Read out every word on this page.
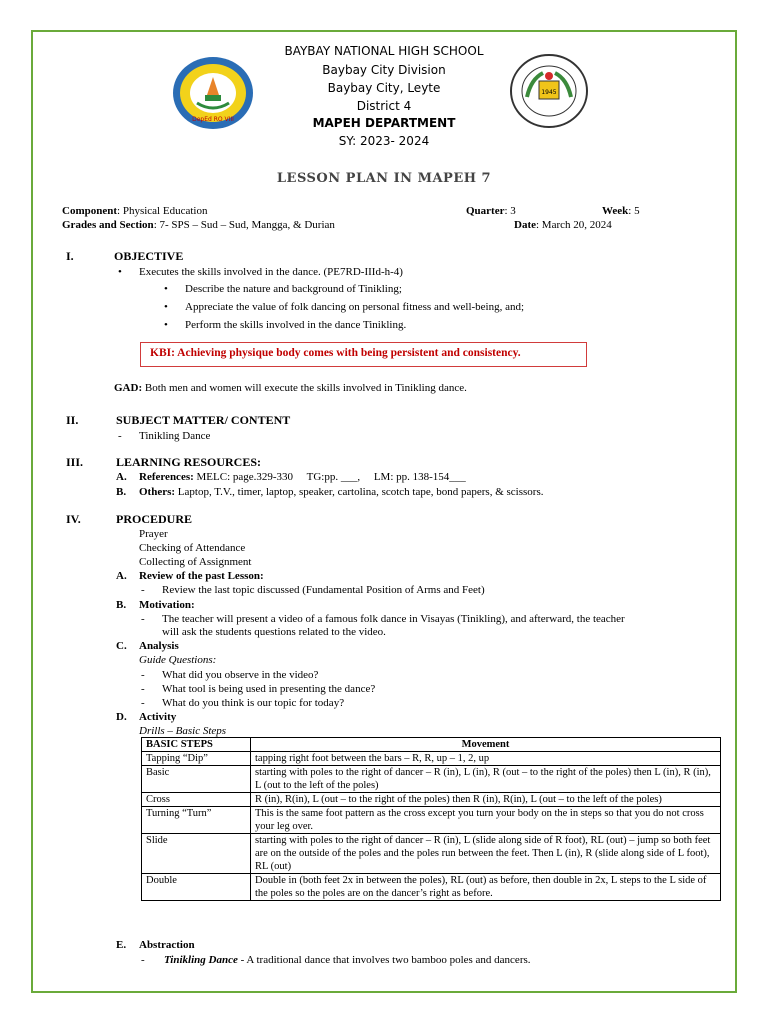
DepEd RO VIII
1945
BAYBAY NATIONAL HIGH SCHOOL
Baybay City Division
Baybay City, Leyte
District 4
MAPEH DEPARTMENT
SY: 2023- 2024
LESSON PLAN IN MAPEH 7
Component: Physical Education	Quarter: 3	Week: 5
Grades and Section: 7- SPS – Sud – Sud, Mangga, & Durian	Date: March 20, 2024
I.	OBJECTIVE
• Executes the skills involved in the dance. (PE7RD-IIId-h-4)
• Describe the nature and background of Tinikling;
• Appreciate the value of folk dancing on personal fitness and well-being, and;
• Perform the skills involved in the dance Tinikling.
KBI: Achieving physique body comes with being persistent and consistency.
GAD: Both men and women will execute the skills involved in Tinikling dance.
II.	SUBJECT MATTER/ CONTENT
- Tinikling Dance
III.	LEARNING RESOURCES:
A. References: MELC: page.329-330     TG:pp. ___,     LM: pp. 138-154___
B. Others: Laptop, T.V., timer, laptop, speaker, cartolina, scotch tape, bond papers, & scissors.
IV.	PROCEDURE
Prayer
Checking of Attendance
Collecting of Assignment
A. Review of the past Lesson:
- Review the last topic discussed (Fundamental Position of Arms and Feet)
B. Motivation:
- The teacher will present a video of a famous folk dance in Visayas (Tinikling), and afterward, the teacher
will ask the students questions related to the video.
C. Analysis
Guide Questions:
- What did you observe in the video?
- What tool is being used in presenting the dance?
- What do you think is our topic for today?
D. Activity
Drills – Basic Steps
BASIC STEPS	Movement
Tapping “Dip”	tapping right foot between the bars – R, R, up – 1, 2, up
Basic	starting with poles to the right of dancer – R (in), L (in), R (out – to the right of the poles) then L (in), R (in), L (out to the left of the poles)
Cross	R (in), R(in), L (out – to the right of the poles) then R (in), R(in), L (out – to the left of the poles)
Turning “Turn”	This is the same foot pattern as the cross except you turn your body on the in steps so that you do not cross your leg over.
Slide	starting with poles to the right of dancer – R (in), L (slide along side of R foot), RL (out) – jump so both feet are on the outside of the poles and the poles run between the feet. Then L (in), R (slide along side of L foot), RL (out)
Double	Double in (both feet 2x in between the poles), RL (out) as before, then double in 2x, L steps to the L side of the poles so the poles are on the dancer’s right as before.
E. Abstraction
- Tinikling Dance - A traditional dance that involves two bamboo poles and dancers.
